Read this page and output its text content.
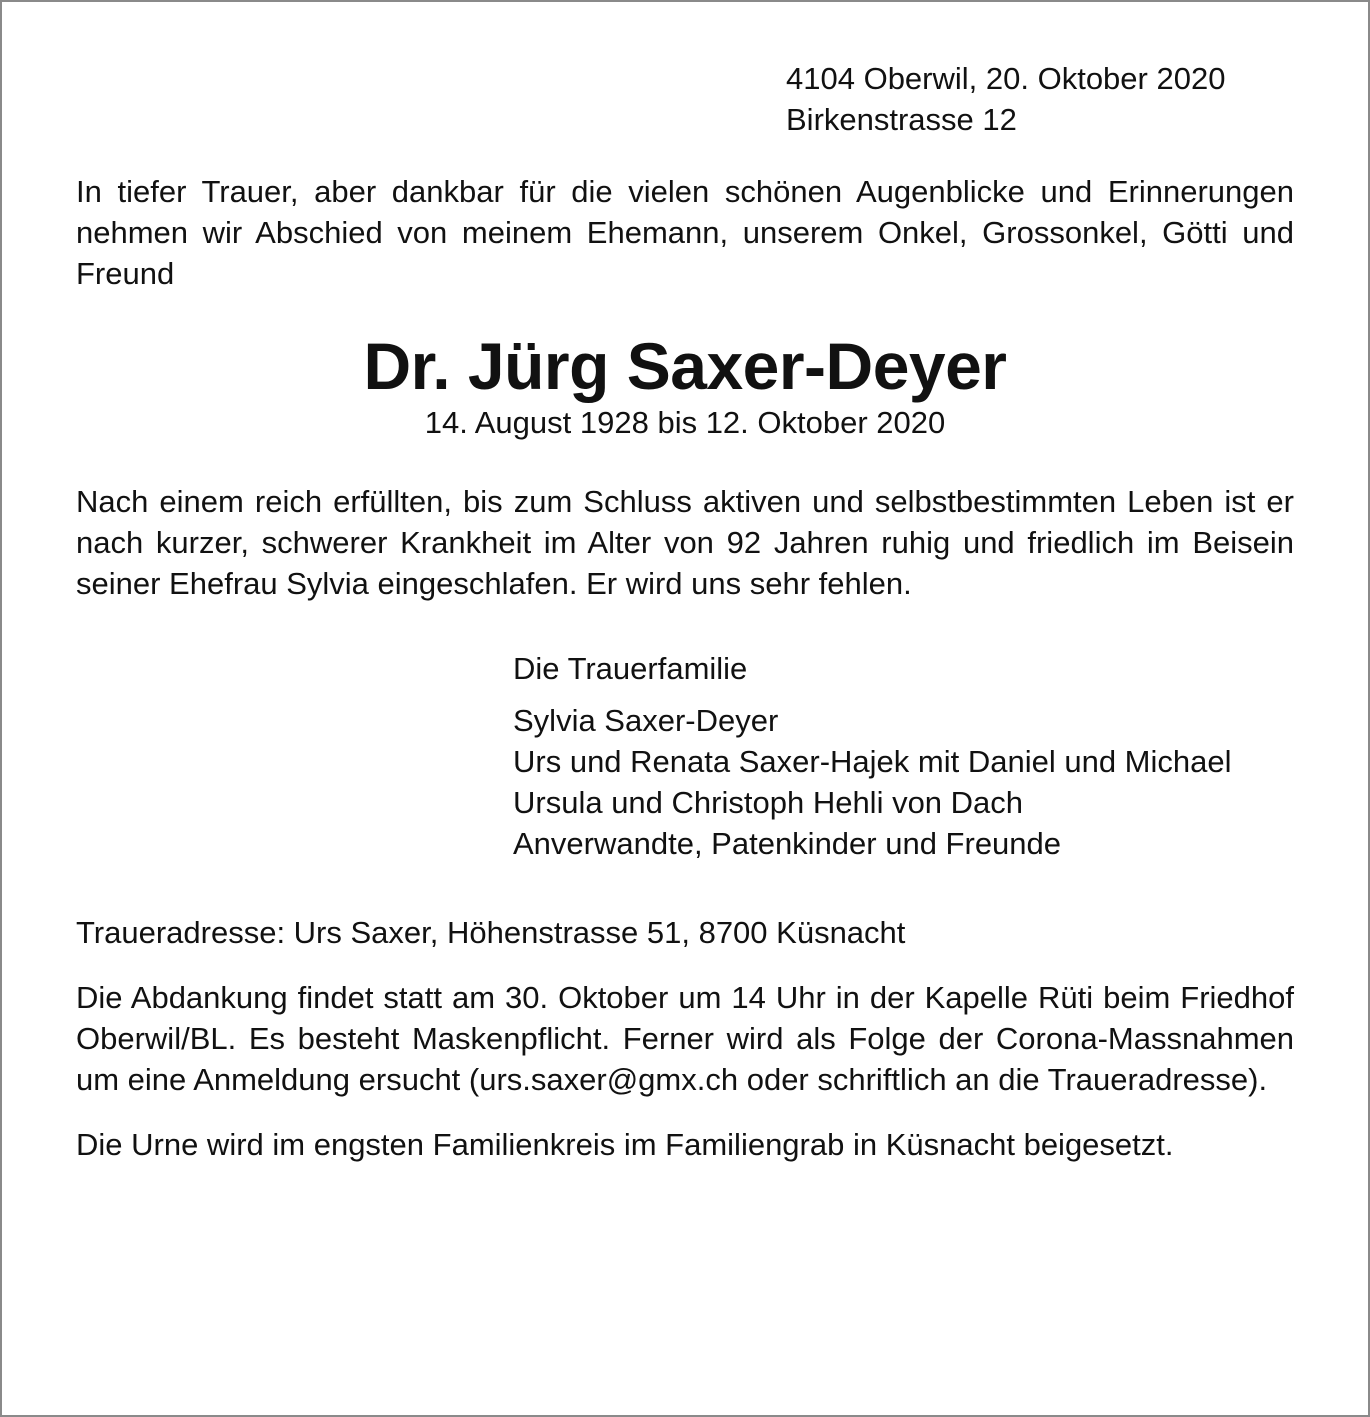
4104 Oberwil, 20. Oktober 2020
Birkenstrasse 12
In tiefer Trauer, aber dankbar für die vielen schönen Augenblicke und Erinnerungen nehmen wir Abschied von meinem Ehemann, unserem Onkel, Grossonkel, Götti und Freund
Dr. Jürg Saxer-Deyer
14. August 1928 bis 12. Oktober 2020
Nach einem reich erfüllten, bis zum Schluss aktiven und selbstbestimmten Leben ist er nach kurzer, schwerer Krankheit im Alter von 92 Jahren ruhig und friedlich im Beisein seiner Ehefrau Sylvia eingeschlafen. Er wird uns sehr fehlen.
Die Trauerfamilie
Sylvia Saxer-Deyer
Urs und Renata Saxer-Hajek mit Daniel und Michael
Ursula und Christoph Hehli von Dach
Anverwandte, Patenkinder und Freunde
Traueradresse: Urs Saxer, Höhenstrasse 51, 8700 Küsnacht
Die Abdankung findet statt am 30. Oktober um 14 Uhr in der Kapelle Rüti beim Friedhof Oberwil/BL. Es besteht Maskenpflicht. Ferner wird als Folge der Corona-Massnahmen um eine Anmeldung ersucht (urs.saxer@gmx.ch oder schriftlich an die Traueradresse).
Die Urne wird im engsten Familienkreis im Familiengrab in Küsnacht beigesetzt.
